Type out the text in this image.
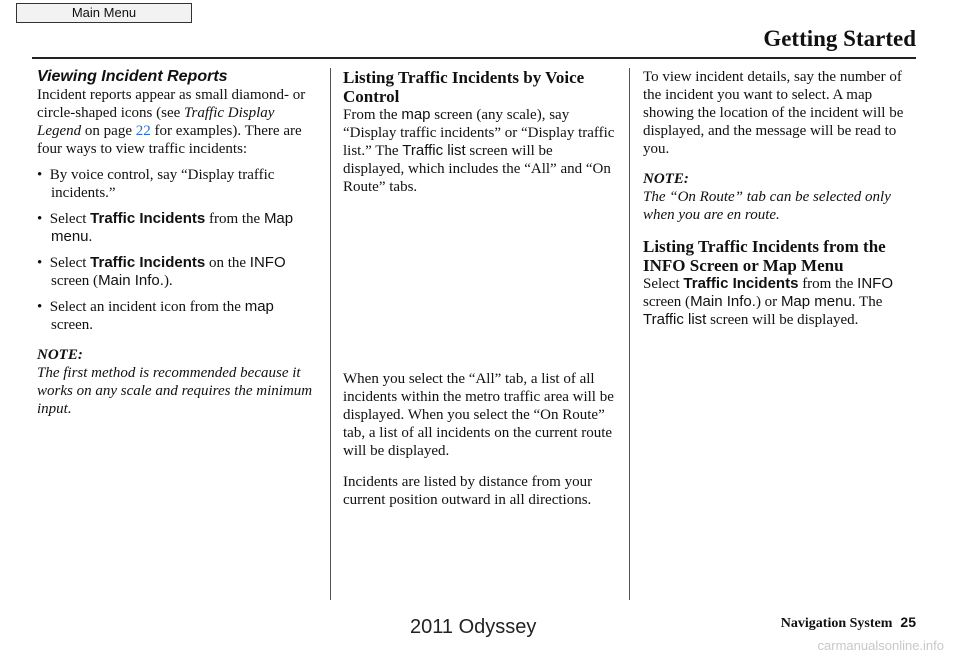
Main Menu
Getting Started

Viewing Incident Reports

Incident reports appear as small diamond- or circle-shaped icons (see Traffic Display Legend on page 22 for examples). There are four ways to view traffic incidents:

•  By voice control, say “Display traffic incidents.”

•  Select Traffic Incidents from the Map menu.

•  Select Traffic Incidents on the INFO screen (Main Info.).

•  Select an incident icon from the map screen.

NOTE:

The first method is recommended because it works on any scale and requires the minimum input.

Listing Traffic Incidents by Voice Control

From the map screen (any scale), say “Display traffic incidents” or “Display traffic list.” The Traffic list screen will be displayed, which includes the “All” and “On Route” tabs.

When you select the “All” tab, a list of all incidents within the metro traffic area will be displayed. When you select the “On Route” tab, a list of all incidents on the current route will be displayed.

Incidents are listed by distance from your current position outward in all directions.

To view incident details, say the number of the incident you want to select. A map showing the location of the incident will be displayed, and the message will be read to you.

NOTE:

The “On Route” tab can be selected only when you are en route.

Listing Traffic Incidents from the INFO Screen or Map Menu

Select Traffic Incidents from the INFO screen (Main Info.) or Map menu. The Traffic list screen will be displayed.

Navigation System 25
2011 Odyssey
carmanualsonline.info
